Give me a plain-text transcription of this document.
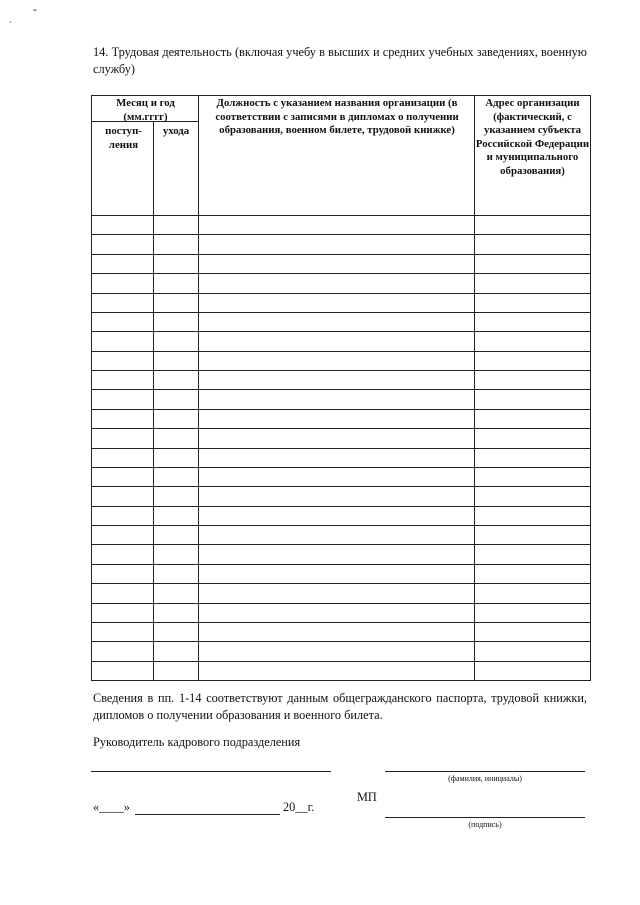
-
`
14. Трудовая деятельность (включая учебу в высших и средних учебных заведениях, военную службу)
Месяц и год (мм.гггг)
поступ-ления
ухода
Должность с указанием названия организации (в соответствии с записями в дипломах о получении образования, военном билете, трудовой книжке)
Адрес организации (фактический, с указанием субъекта Российской Федерации и муниципального образования)
Сведения в пп. 1-14 соответствуют данным общегражданского паспорта, трудовой книжки, дипломов о получении образования и военного билета.
Руководитель кадрового подразделения
(фамилия, инициалы)
МП
«____»	20__г.
(подпись)
